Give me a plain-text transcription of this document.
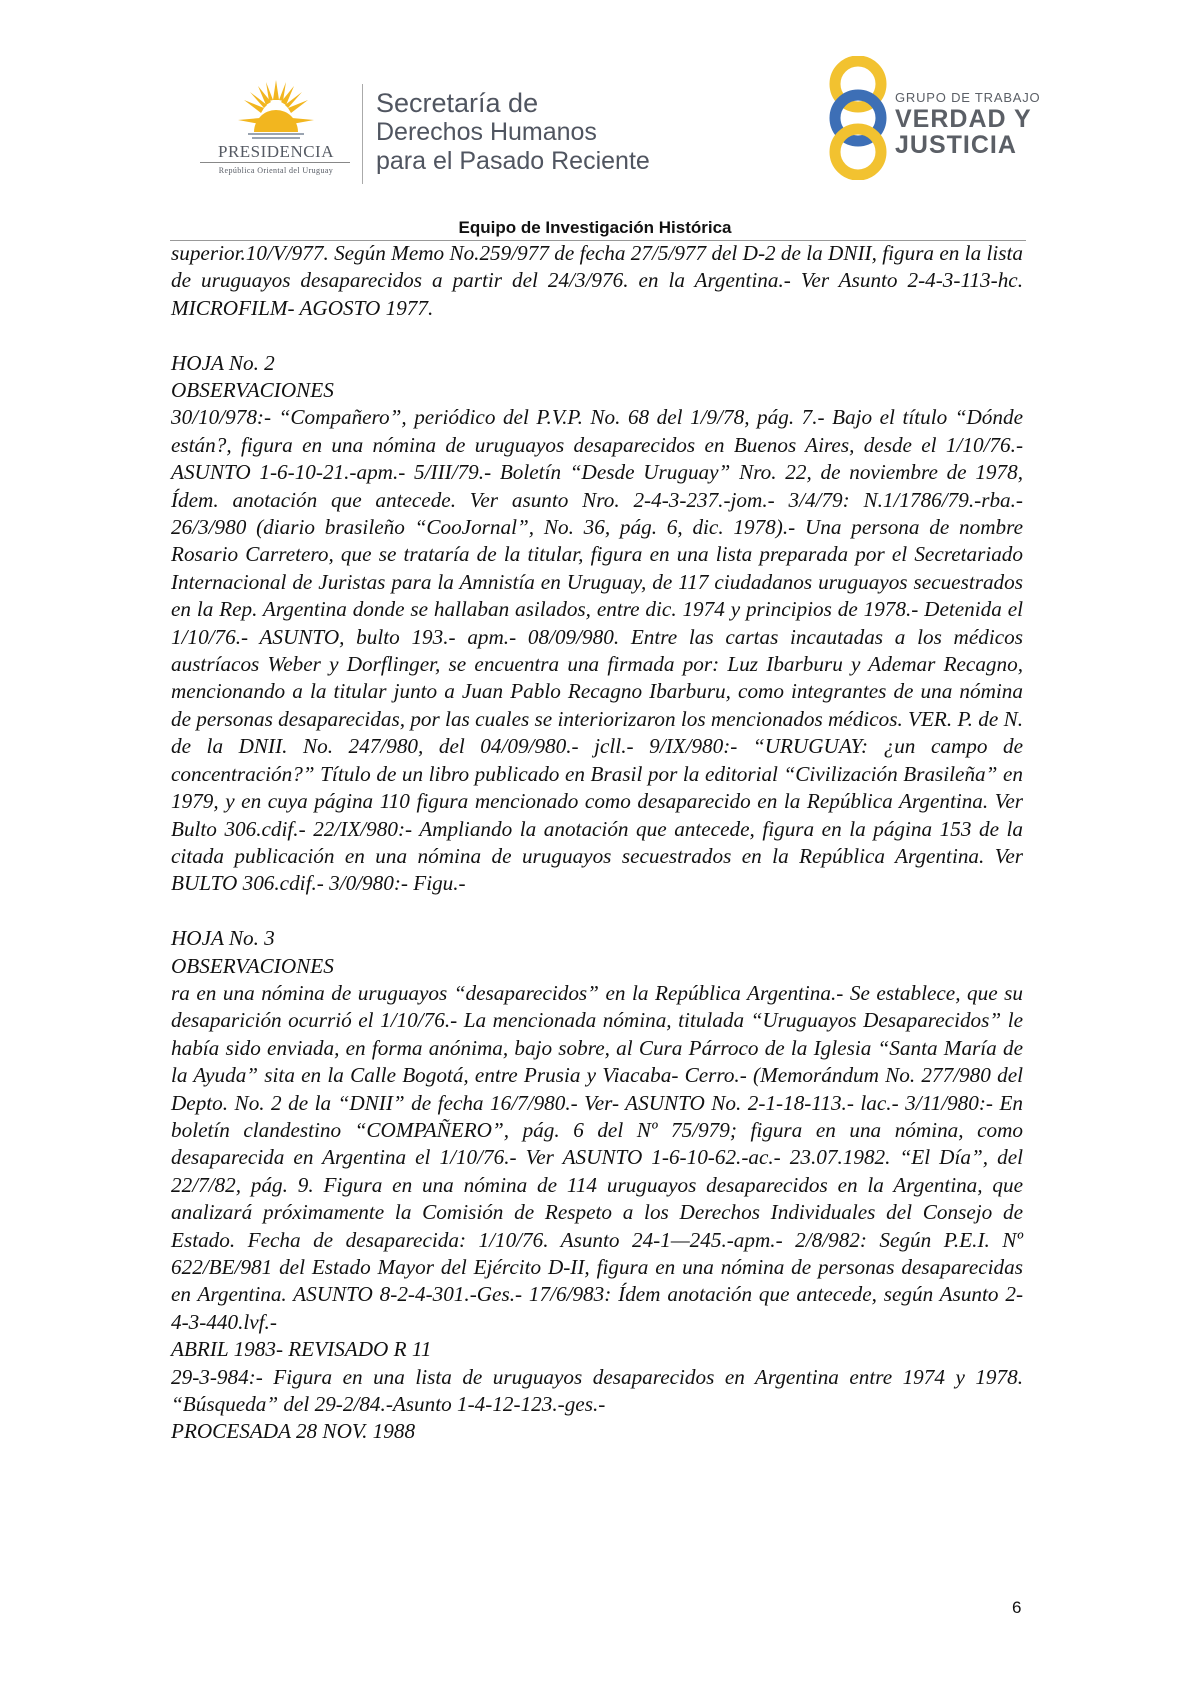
PRESIDENCIA
República Oriental del Uruguay
Secretaría de
Derechos Humanos
para el Pasado Reciente
GRUPO DE TRABAJO
VERDAD Y
JUSTICIA
Equipo de Investigación Histórica

superior.10/V/977. Según Memo No.259/977 de fecha 27/5/977 del D-2 de la DNII, figura en la lista de uruguayos desaparecidos a partir del 24/3/976. en la Argentina.- Ver Asunto 2-4-3-113-hc. MICROFILM- AGOSTO 1977.

HOJA No. 2

OBSERVACIONES

30/10/978:- “Compañero”, periódico del P.V.P. No. 68 del 1/9/78, pág. 7.- Bajo el título “Dónde están?, figura en una nómina de uruguayos desaparecidos en Buenos Aires, desde el 1/10/76.- ASUNTO 1-6-10-21.-apm.- 5/III/79.- Boletín “Desde Uruguay” Nro. 22, de noviembre de 1978, Ídem. anotación que antecede. Ver asunto Nro. 2-4-3-237.-jom.- 3/4/79: N.1/1786/79.-rba.- 26/3/980 (diario brasileño “CooJornal”, No. 36, pág. 6, dic. 1978).- Una persona de nombre Rosario Carretero, que se trataría de la titular, figura en una lista preparada por el Secretariado Internacional de Juristas para la Amnistía en Uruguay, de 117 ciudadanos uruguayos secuestrados en la Rep. Argentina donde se hallaban asilados, entre dic. 1974 y principios de 1978.- Detenida el 1/10/76.- ASUNTO, bulto 193.- apm.- 08/09/980. Entre las cartas incautadas a los médicos austríacos Weber y Dorflinger, se encuentra una firmada por: Luz Ibarburu y Ademar Recagno, mencionando a la titular junto a Juan Pablo Recagno Ibarburu, como integrantes de una nómina de personas desaparecidas, por las cuales se interiorizaron los mencionados médicos. VER. P. de N. de la DNII. No. 247/980, del 04/09/980.- jcll.- 9/IX/980:- “URUGUAY: ¿un campo de concentración?” Título de un libro publicado en Brasil por la editorial “Civilización Brasileña” en 1979, y en cuya página 110 figura mencionado como desaparecido en la República Argentina. Ver Bulto 306.cdif.- 22/IX/980:- Ampliando la anotación que antecede, figura en la página 153 de la citada publicación en una nómina de uruguayos secuestrados en la República Argentina. Ver BULTO 306.cdif.- 3/0/980:- Figu.-

HOJA No. 3

OBSERVACIONES

ra en una nómina de uruguayos “desaparecidos” en la República Argentina.- Se establece, que su desaparición ocurrió el 1/10/76.- La mencionada nómina, titulada “Uruguayos Desaparecidos” le había sido enviada, en forma anónima, bajo sobre, al Cura Párroco de la Iglesia “Santa María de la Ayuda” sita en la Calle Bogotá, entre Prusia y Viacaba- Cerro.- (Memorándum No. 277/980 del Depto. No. 2 de la “DNII” de fecha 16/7/980.- Ver- ASUNTO No. 2-1-18-113.- lac.- 3/11/980:- En boletín clandestino “COMPAÑERO”, pág. 6 del Nº 75/979; figura en una nómina, como desaparecida en Argentina el 1/10/76.- Ver ASUNTO 1-6-10-62.-ac.- 23.07.1982. “El Día”, del 22/7/82, pág. 9. Figura en una nómina de 114 uruguayos desaparecidos en la Argentina, que analizará próximamente la Comisión de Respeto a los Derechos Individuales del Consejo de Estado. Fecha de desaparecida: 1/10/76. Asunto 24-1—245.-apm.- 2/8/982: Según P.E.I. Nº 622/BE/981 del Estado Mayor del Ejército D-II, figura en una nómina de personas desaparecidas en Argentina. ASUNTO 8-2-4-301.-Ges.- 17/6/983: Ídem anotación que antecede, según Asunto 2-4-3-440.lvf.-

ABRIL 1983- REVISADO R 11

29-3-984:- Figura en una lista de uruguayos desaparecidos en Argentina entre 1974 y 1978. “Búsqueda” del 29-2/84.-Asunto 1-4-12-123.-ges.-

PROCESADA 28 NOV. 1988

6
